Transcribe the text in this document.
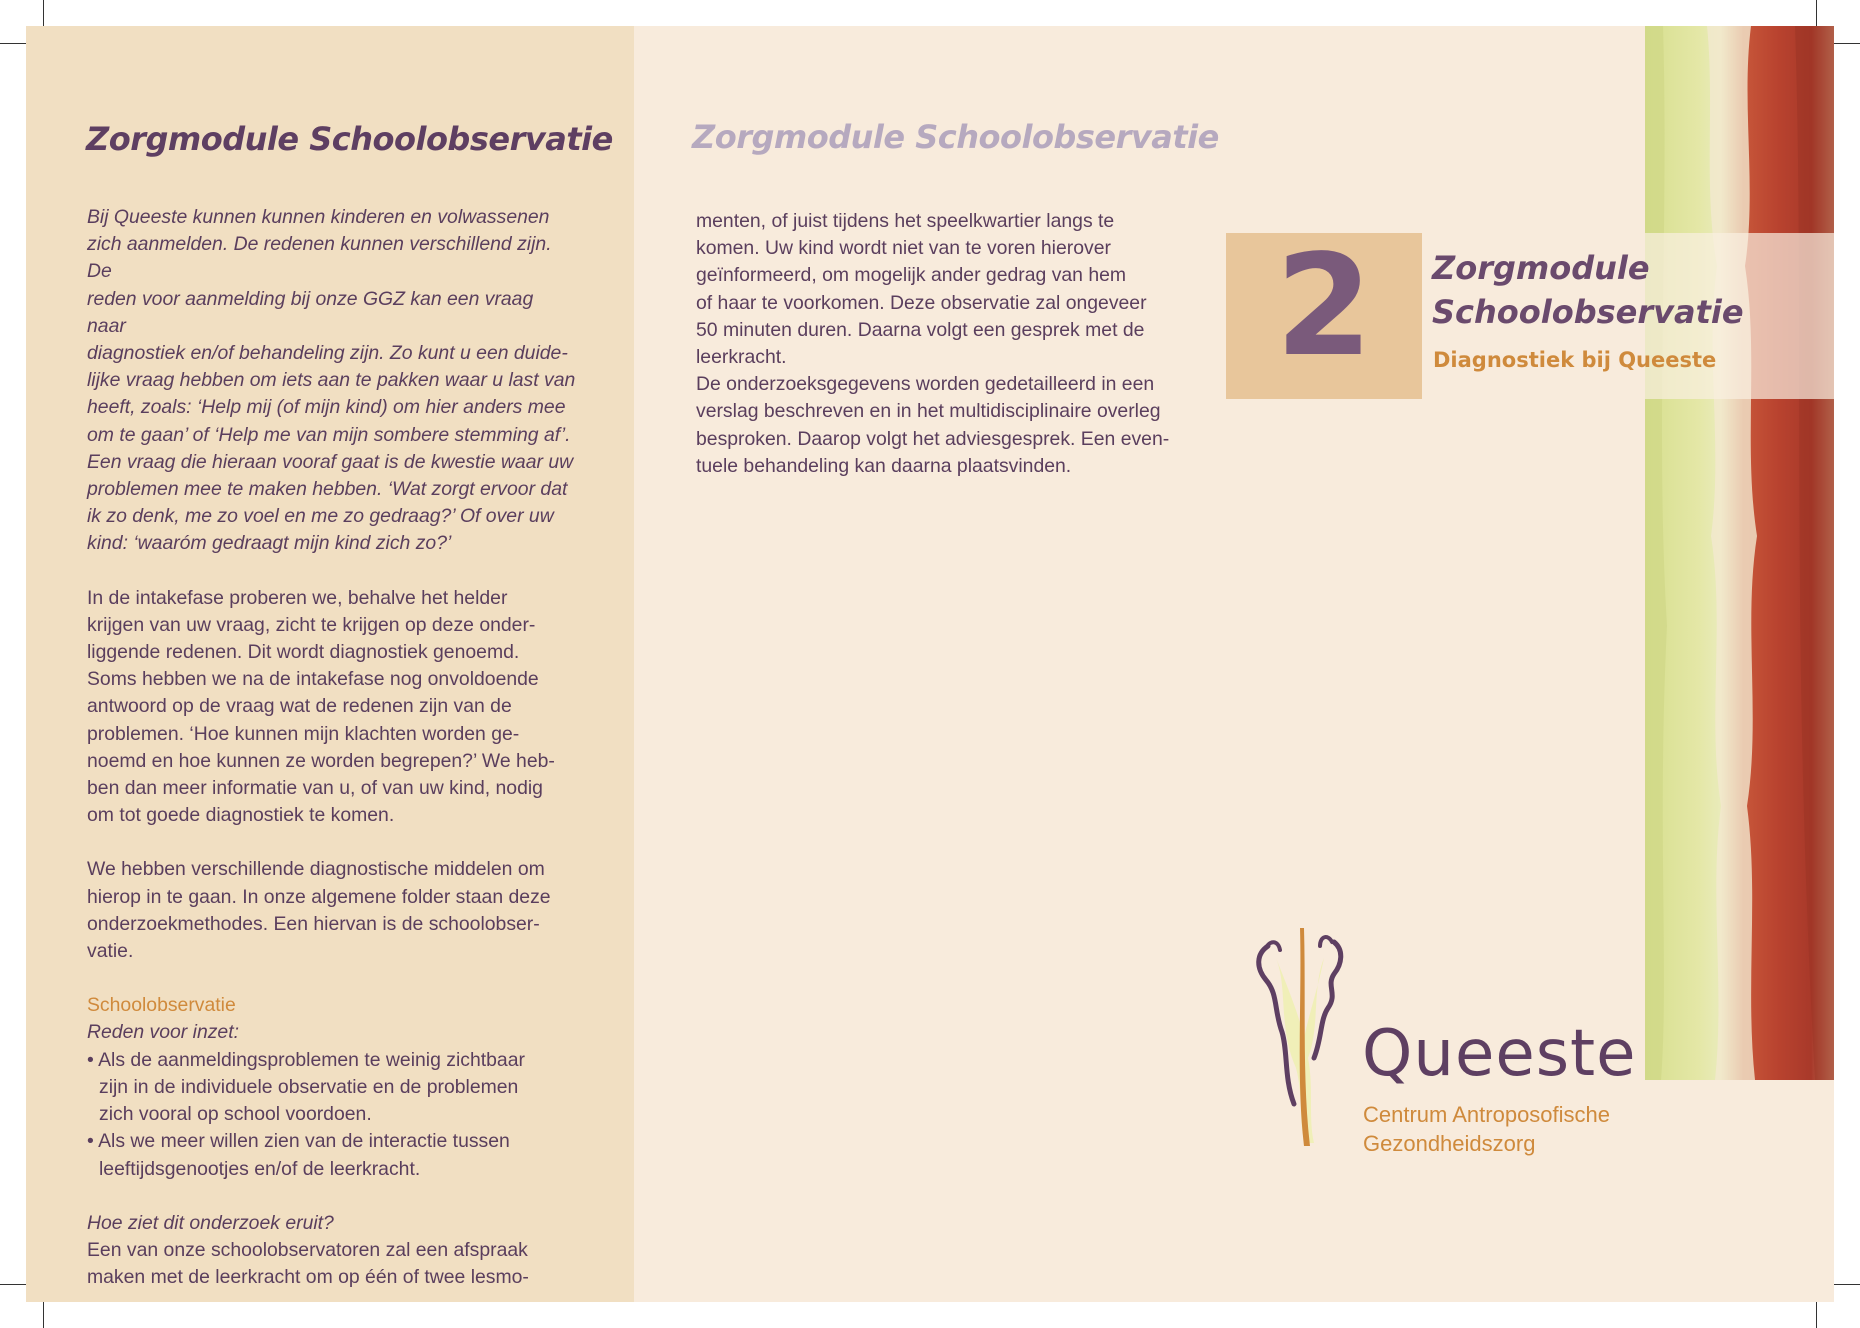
Zorgmodule Schoolobservatie

Bij Queeste kunnen kunnen kinderen en volwassenen

zich aanmelden. De redenen kunnen verschillend zijn. De

reden voor aanmelding bij onze GGZ kan een vraag naar

diagnostiek en/of behandeling zijn. Zo kunt u een duide-

lijke vraag hebben om iets aan te pakken waar u last van

heeft, zoals: ‘Help mij (of mijn kind) om hier anders mee

om te gaan’ of ‘Help me van mijn sombere stemming af’.

Een vraag die hieraan vooraf gaat is de kwestie waar uw

problemen mee te maken hebben. ‘Wat zorgt ervoor dat

ik zo denk, me zo voel en me zo gedraag?’ Of over uw

kind: ‘waaróm gedraagt mijn kind zich zo?’

In de intakefase proberen we, behalve het helder

krijgen van uw vraag, zicht te krijgen op deze onder-

liggende redenen. Dit wordt diagnostiek genoemd.

Soms hebben we na de intakefase nog onvoldoende

antwoord op de vraag wat de redenen zijn van de

problemen. ‘Hoe kunnen mijn klachten worden ge-

noemd en hoe kunnen ze worden begrepen?’ We heb-

ben dan meer informatie van u, of van uw kind, nodig

om tot goede diagnostiek te komen.

We hebben verschillende diagnostische middelen om

hierop in te gaan. In onze algemene folder staan deze

onderzoekmethodes. Een hiervan is de schoolobser-

vatie.

Schoolobservatie

Reden voor inzet:

• Als de aanmeldingsproblemen te weinig zichtbaar

zijn in de individuele observatie en de problemen

zich vooral op school voordoen.

• Als we meer willen zien van de interactie tussen

leeftijdsgenootjes en/of de leerkracht.

Hoe ziet dit onderzoek eruit?

Een van onze schoolobservatoren zal een afspraak

maken met de leerkracht om op één of twee lesmo-

Zorgmodule Schoolobservatie

menten, of juist tijdens het speelkwartier langs te

komen. Uw kind wordt niet van te voren hierover

geïnformeerd, om mogelijk ander gedrag van hem

of haar te voorkomen. Deze observatie zal ongeveer

50 minuten duren. Daarna volgt een gesprek met de

leerkracht.

De onderzoeksgegevens worden gedetailleerd in een

verslag beschreven en in het multidisciplinaire overleg

besproken. Daarop volgt het adviesgesprek. Een even-

tuele behandeling kan daarna plaatsvinden.

2	Zorgmodule
Schoolobservatie

Diagnostiek bij Queeste

Queeste

Centrum Antroposofische
Gezondheidszorg
